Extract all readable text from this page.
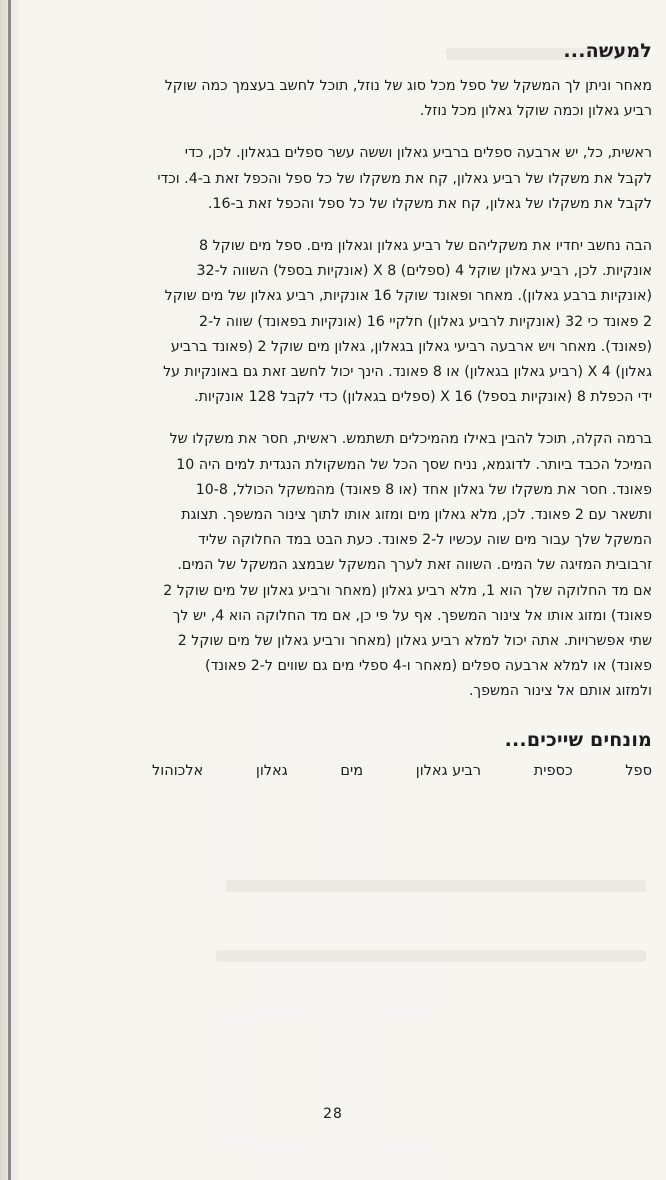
למעשה...
מאחר וניתן לך המשקל של ספל מכל סוג של נוזל, תוכל לחשב בעצמך כמה שוקל
רביע גאלון וכמה שוקל גאלון מכל נוזל.
ראשית, כל, יש ארבעה ספלים ברביע גאלון וששה עשר ספלים בגאלון. לכן, כדי
לקבל את משקלו של רביע גאלון, קח את משקלו של כל ספל והכפל זאת ב-4. וכדי
לקבל את משקלו של גאלון, קח את משקלו של כל ספל והכפל זאת ב-16.
הבה נחשב יחדיו את משקליהם של רביע גאלון וגאלון מים. ספל מים שוקל 8
אונקיות. לכן, רביע גאלון שוקל 4 (ספלים) X 8 (אונקיות בספל) השווה ל-32
(אונקיות ברבע גאלון). מאחר ופאונד שוקל 16 אונקיות, רביע גאלון של מים שוקל
2 פאונד כי 32 (אונקיות לרביע גאלון) חלקיי 16 (אונקיות בפאונד) שווה ל-2
(פאונד). מאחר ויש ארבעה רביעי גאלון בגאלון, גאלון מים שוקל 2 (פאונד ברביע
גאלון) X 4 (רביע גאלון בגאלון) או 8 פאונד. הינך יכול לחשב זאת גם באונקיות על
ידי הכפלת 8 (אונקיות בספל) X 16 (ספלים בגאלון) כדי לקבל 128 אונקיות.
ברמה הקלה, תוכל להבין באילו מהמיכלים תשתמש. ראשית, חסר את משקלו של
המיכל הכבד ביותר. לדוגמא, נניח שסך הכל של המשקולת הנגדית למים היה 10
פאונד. חסר את משקלו של גאלון אחד (או 8 פאונד) מהמשקל הכולל, 10-8
ותשאר עם 2 פאונד. לכן, מלא גאלון מים ומזוג אותו לתוך צינור המשפך. תצוגת
המשקל שלך עבור מים שוה עכשיו ל-2 פאונד. כעת הבט במד החלוקה שליד
זרבובית המזיגה של המים. השווה זאת לערך המשקל שבמצג המשקל של המים.
אם מד החלוקה שלך הוא 1, מלא רביע גאלון (מאחר ורביע גאלון של מים שוקל 2
פאונד) ומזוג אותו אל צינור המשפך. אף על פי כן, אם מד החלוקה הוא 4, יש לך
שתי אפשרויות. אתה יכול למלא רביע גאלון (מאחר ורביע גאלון של מים שוקל 2
פאונד) או למלא ארבעה ספלים (מאחר ו-4 ספלי מים גם שווים ל-2 פאונד)
ולמזוג אותם אל צינור המשפך.
מונחים שייכים...
ספל
כספית
רביע גאלון
מים
גאלון
אלכוהול
28
